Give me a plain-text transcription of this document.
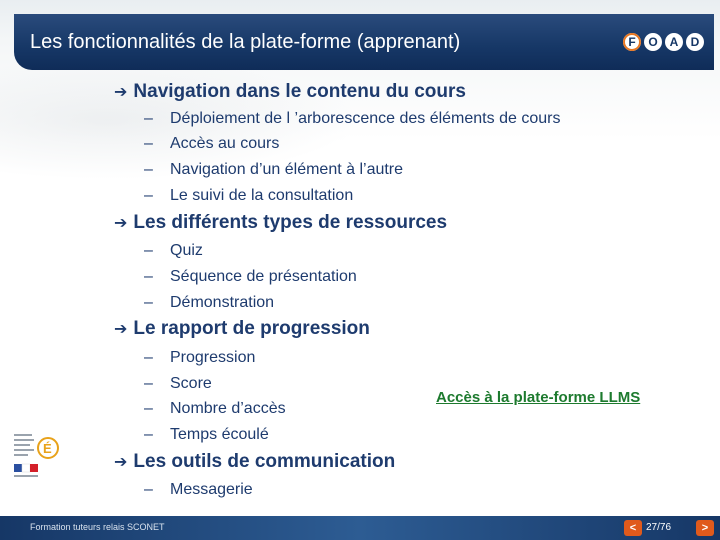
Les fonctionnalités de la plate-forme (apprenant)	F	O A	D
➔ Navigation dans le contenu du cours
–	Déploiement de l ’arborescence des éléments de cours
–	Accès au cours
–	Navigation d’un élément à l’autre
–	Le suivi de la consultation
➔ Les différents types de ressources
–	Quiz
–	Séquence de présentation
–	Démonstration
➔ Le rapport de progression
–	Progression
–	Score
–	Nombre d’accès
–	Temps écoulé
Accès à la plate-forme LLMS
➔ Les outils de communication
–	Messagerie
É
Formation tuteurs relais SCONET	< 27/76	>
